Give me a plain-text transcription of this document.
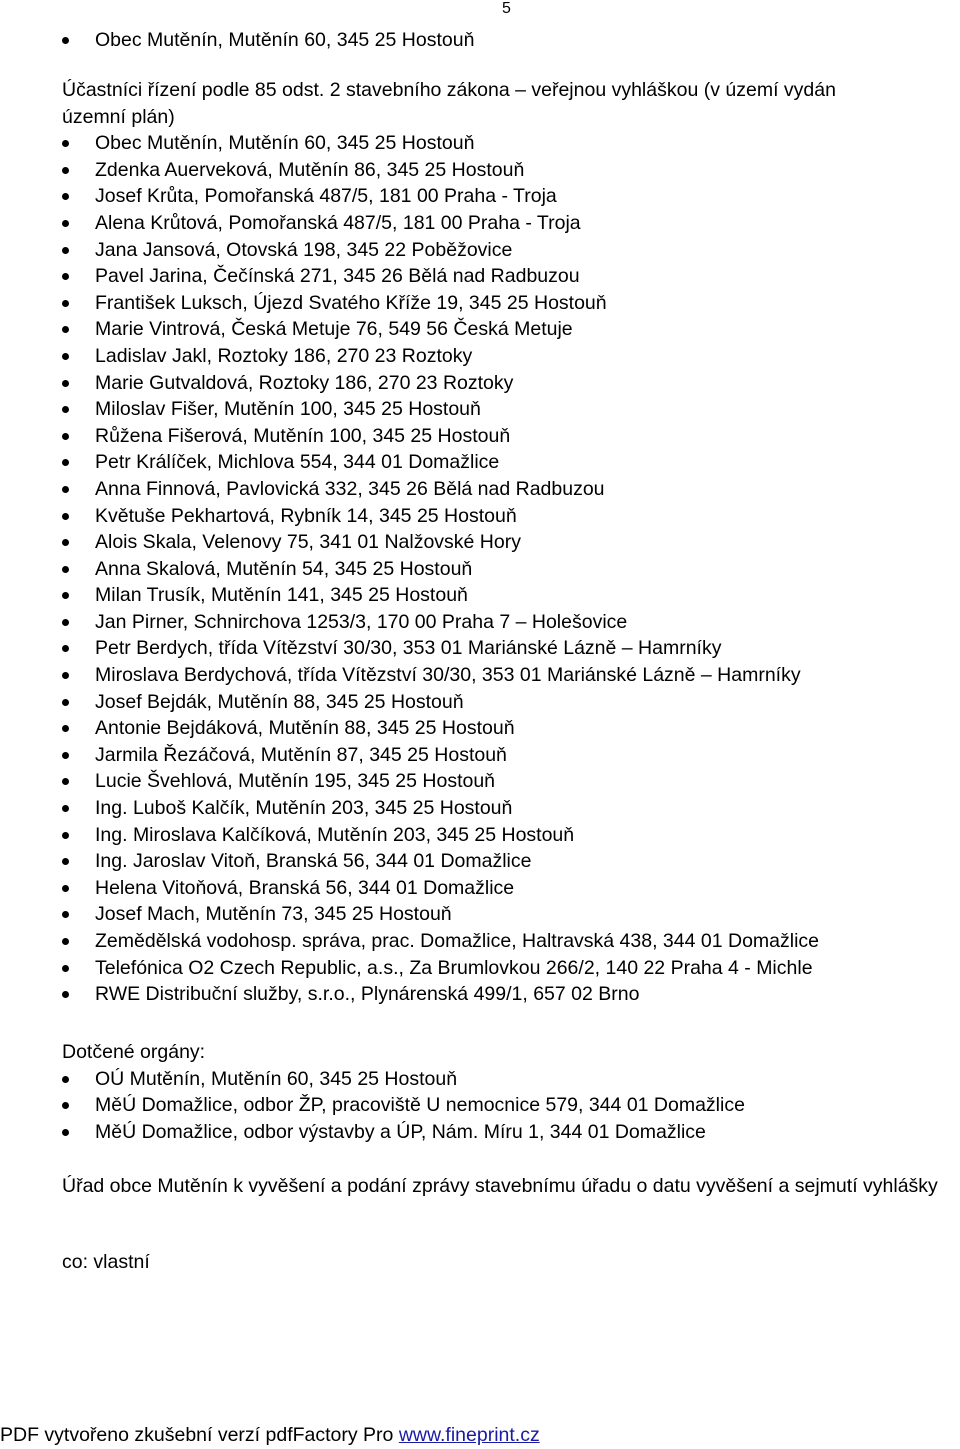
5
Obec Mutěnín, Mutěnín 60, 345 25 Hostouň
Účastníci řízení podle 85 odst. 2 stavebního zákona – veřejnou vyhláškou (v území vydán
územní plán)
Obec Mutěnín, Mutěnín 60, 345 25 Hostouň
Zdenka Auerveková, Mutěnín 86, 345 25 Hostouň
Josef Krůta, Pomořanská 487/5, 181 00 Praha - Troja
Alena Krůtová, Pomořanská 487/5, 181 00 Praha - Troja
Jana Jansová, Otovská 198, 345 22 Poběžovice
Pavel Jarina, Čečínská 271, 345 26 Bělá nad Radbuzou
František Luksch, Újezd Svatého Kříže 19, 345 25 Hostouň
Marie Vintrová, Česká Metuje 76, 549 56 Česká Metuje
Ladislav Jakl, Roztoky 186, 270 23 Roztoky
Marie Gutvaldová, Roztoky 186, 270 23 Roztoky
Miloslav Fišer, Mutěnín 100, 345 25 Hostouň
Růžena Fišerová, Mutěnín 100, 345 25 Hostouň
Petr Králíček, Michlova 554, 344 01 Domažlice
Anna Finnová, Pavlovická 332, 345 26 Bělá nad Radbuzou
Květuše Pekhartová, Rybník 14, 345 25 Hostouň
Alois Skala, Velenovy 75, 341 01 Nalžovské Hory
Anna Skalová, Mutěnín 54, 345 25 Hostouň
Milan Trusík, Mutěnín 141, 345 25 Hostouň
Jan Pirner, Schnirchova 1253/3, 170 00 Praha 7 – Holešovice
Petr Berdych, třída Vítězství 30/30, 353 01 Mariánské Lázně – Hamrníky
Miroslava Berdychová, třída Vítězství 30/30, 353 01 Mariánské Lázně – Hamrníky
Josef Bejdák, Mutěnín 88, 345 25 Hostouň
Antonie Bejdáková, Mutěnín 88, 345 25 Hostouň
Jarmila Řezáčová, Mutěnín 87, 345 25 Hostouň
Lucie Švehlová, Mutěnín 195, 345 25 Hostouň
Ing. Luboš Kalčík, Mutěnín 203, 345 25 Hostouň
Ing. Miroslava Kalčíková, Mutěnín 203, 345 25 Hostouň
Ing. Jaroslav Vitoň, Branská 56, 344 01 Domažlice
Helena Vitoňová, Branská 56, 344 01 Domažlice
Josef Mach, Mutěnín 73, 345 25 Hostouň
Zemědělská vodohosp. správa, prac. Domažlice, Haltravská 438, 344 01 Domažlice
Telefónica O2 Czech Republic, a.s., Za Brumlovkou 266/2, 140 22 Praha 4 - Michle
RWE Distribuční služby, s.r.o., Plynárenská 499/1, 657 02 Brno
Dotčené orgány:
OÚ Mutěnín, Mutěnín 60, 345 25 Hostouň
MěÚ Domažlice, odbor ŽP, pracoviště U nemocnice 579, 344 01 Domažlice
MěÚ Domažlice, odbor výstavby a ÚP, Nám. Míru 1, 344 01 Domažlice
Úřad obce Mutěnín k vyvěšení a podání zprávy stavebnímu úřadu o datu vyvěšení a sejmutí vyhlášky
co: vlastní
PDF vytvořeno zkušební verzí pdfFactory Pro www.fineprint.cz
